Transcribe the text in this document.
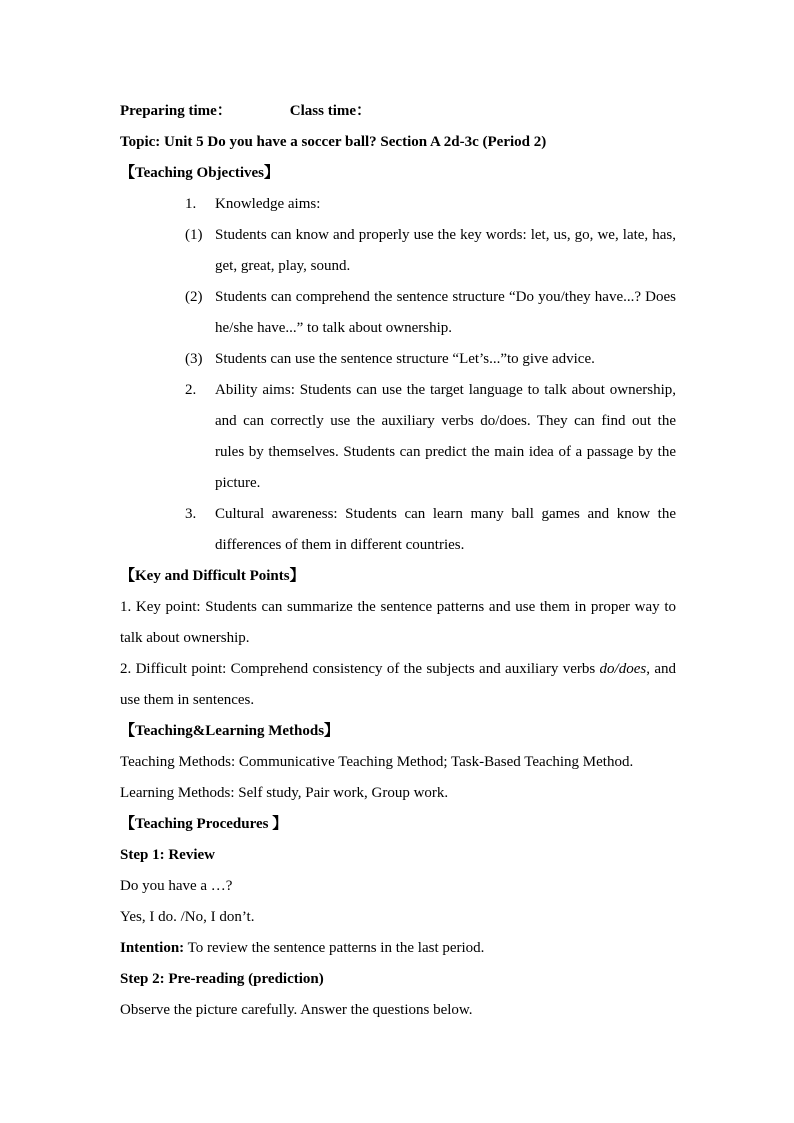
Preparing time：	Class time：
Topic: Unit 5 Do you have a soccer ball? Section A 2d-3c (Period 2)
【Teaching Objectives】
1. Knowledge aims:
(1) Students can know and properly use the key words: let, us, go, we, late, has, get, great, play, sound.
(2) Students can comprehend the sentence structure “Do you/they have...? Does he/she have...” to talk about ownership.
(3) Students can use the sentence structure “Let’s...”to give advice.
2. Ability aims: Students can use the target language to talk about ownership, and can correctly use the auxiliary verbs do/does. They can find out the rules by themselves. Students can predict the main idea of a passage by the picture.
3. Cultural awareness: Students can learn many ball games and know the differences of them in different countries.
【Key and Difficult Points】
1. Key point: Students can summarize the sentence patterns and use them in proper way to talk about ownership.
2. Difficult point: Comprehend consistency of the subjects and auxiliary verbs do/does, and use them in sentences.
【Teaching&Learning Methods】
Teaching Methods: Communicative Teaching Method; Task-Based Teaching Method.
Learning Methods: Self study, Pair work, Group work.
【Teaching Procedures 】
Step 1: Review
Do you have a …?
Yes, I do. /No, I don’t.
Intention: To review the sentence patterns in the last period.
Step 2: Pre-reading (prediction)
Observe the picture carefully. Answer the questions below.
